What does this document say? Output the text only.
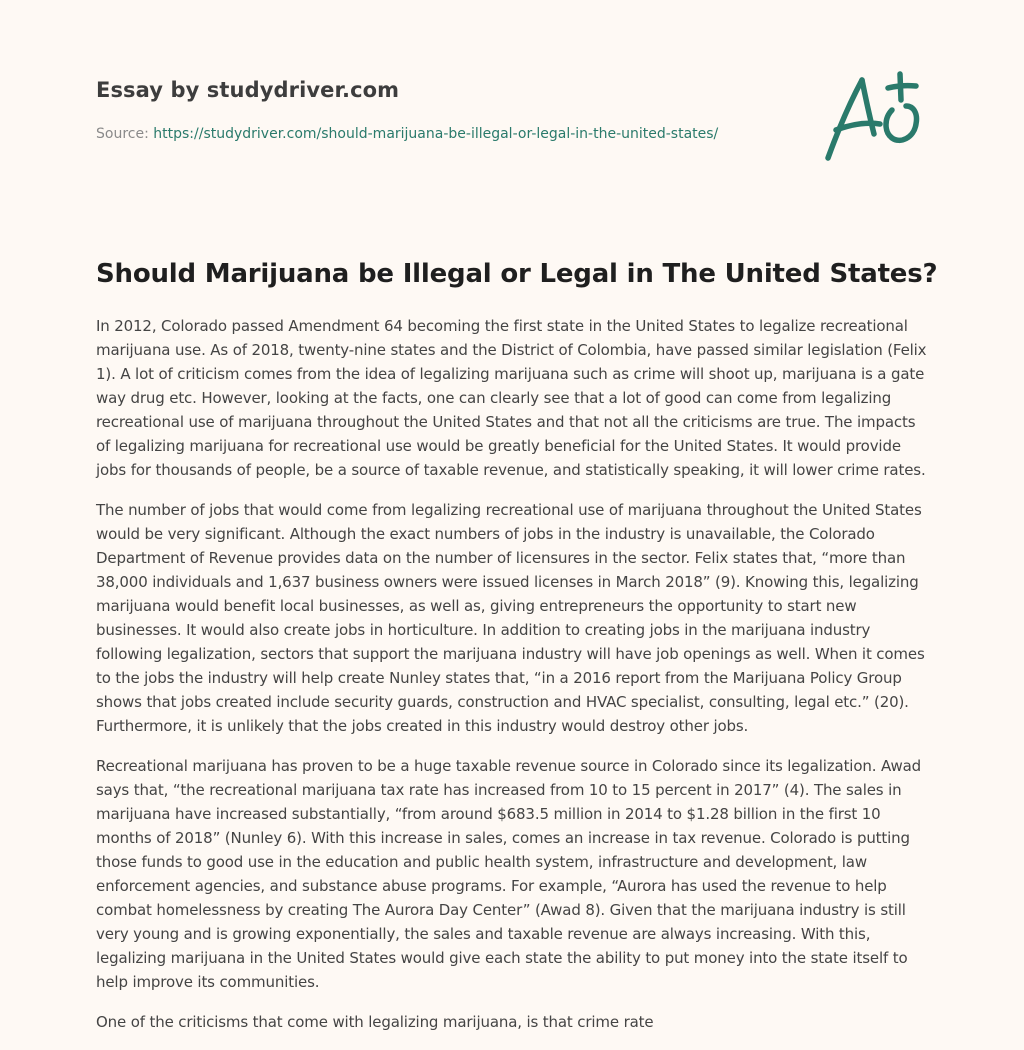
Essay by studydriver.com
Source: https://studydriver.com/should-marijuana-be-illegal-or-legal-in-the-united-states/
Should Marijuana be Illegal or Legal in The United States?

In 2012, Colorado passed Amendment 64 becoming the first state in the United States to legalize recreational marijuana use. As of 2018, twenty-nine states and the District of Colombia, have passed similar legislation (Felix 1). A lot of criticism comes from the idea of legalizing marijuana such as crime will shoot up, marijuana is a gate way drug etc. However, looking at the facts, one can clearly see that a lot of good can come from legalizing recreational use of marijuana throughout the United States and that not all the criticisms are true. The impacts of legalizing marijuana for recreational use would be greatly beneficial for the United States. It would provide jobs for thousands of people, be a source of taxable revenue, and statistically speaking, it will lower crime rates.

The number of jobs that would come from legalizing recreational use of marijuana throughout the United States would be very significant. Although the exact numbers of jobs in the industry is unavailable, the Colorado Department of Revenue provides data on the number of licensures in the sector. Felix states that, “more than 38,000 individuals and 1,637 business owners were issued licenses in March 2018” (9). Knowing this, legalizing marijuana would benefit local businesses, as well as, giving entrepreneurs the opportunity to start new businesses. It would also create jobs in horticulture. In addition to creating jobs in the marijuana industry following legalization, sectors that support the marijuana industry will have job openings as well. When it comes to the jobs the industry will help create Nunley states that, “in a 2016 report from the Marijuana Policy Group shows that jobs created include security guards, construction and HVAC specialist, consulting, legal etc.” (20). Furthermore, it is unlikely that the jobs created in this industry would destroy other jobs.

Recreational marijuana has proven to be a huge taxable revenue source in Colorado since its legalization. Awad says that, “the recreational marijuana tax rate has increased from 10 to 15 percent in 2017” (4). The sales in marijuana have increased substantially, “from around $683.5 million in 2014 to $1.28 billion in the first 10 months of 2018” (Nunley 6). With this increase in sales, comes an increase in tax revenue. Colorado is putting those funds to good use in the education and public health system, infrastructure and development, law enforcement agencies, and substance abuse programs. For example, “Aurora has used the revenue to help combat homelessness by creating The Aurora Day Center” (Awad 8). Given that the marijuana industry is still very young and is growing exponentially, the sales and taxable revenue are always increasing. With this, legalizing marijuana in the United States would give each state the ability to put money into the state itself to help improve its communities.

One of the criticisms that come with legalizing marijuana, is that crime rate
